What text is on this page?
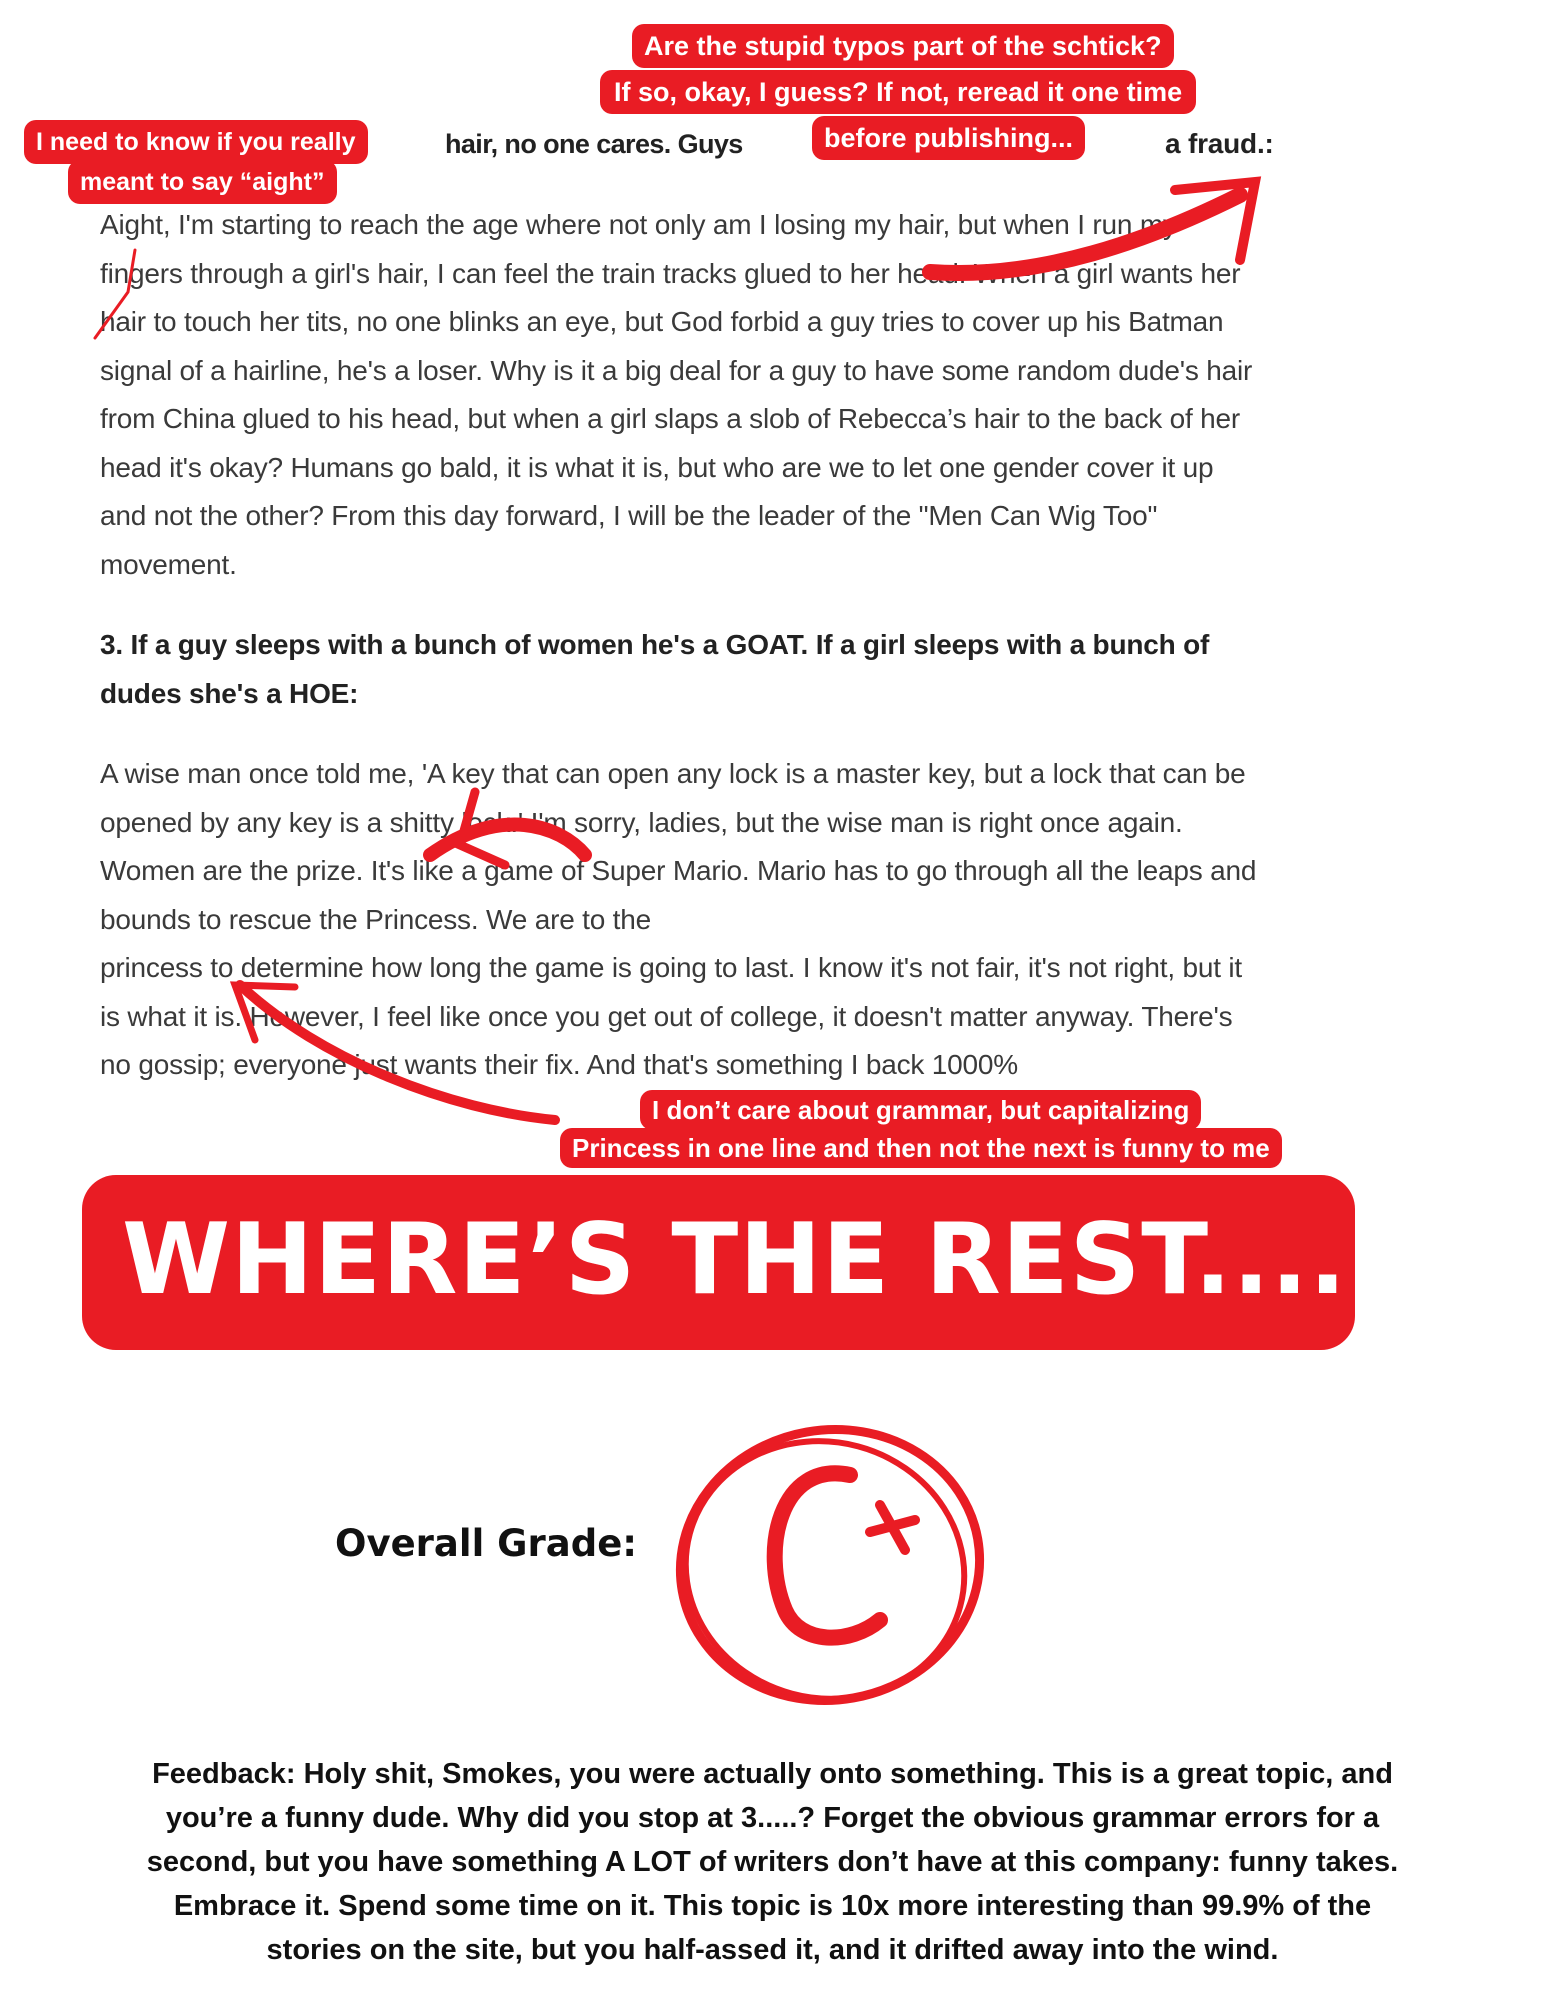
hair, no one cares. Guys	a fraud.:
Aight, I'm starting to reach the age where not only am I losing my hair, but when I run my
fingers through a girl's hair, I can feel the train tracks glued to her head. When a girl wants her
hair to touch her tits, no one blinks an eye, but God forbid a guy tries to cover up his Batman
signal of a hairline, he's a loser. Why is it a big deal for a guy to have some random dude's hair
from China glued to his head, but when a girl slaps a slob of Rebecca’s hair to the back of her
head it's okay? Humans go bald, it is what it is, but who are we to let one gender cover it up
and not the other? From this day forward, I will be the leader of the "Men Can Wig Too"
movement.
3. If a guy sleeps with a bunch of women he's a GOAT. If a girl sleeps with a bunch of
dudes she's a HOE:
A wise man once told me, 'A key that can open any lock is a master key, but a lock that can be
opened by any key is a shitty lock.' I'm sorry, ladies, but the wise man is right once again.
Women are the prize. It's like a game of Super Mario. Mario has to go through all the leaps and
bounds to rescue the Princess. We are to the
princess to determine how long the game is going to last. I know it's not fair, it's not right, but it
is what it is. However, I feel like once you get out of college, it doesn't matter anyway. There's
no gossip; everyone just wants their fix. And that's something I back 1000%
Are the stupid typos part of the schtick?
If so, okay, I guess? If not, reread it one time
before publishing...
I need to know if you really
meant to say “aight”
I don’t care about grammar, but capitalizing
Princess in one line and then not the next is funny to me
WHERE’S THE REST.......?
Overall Grade:
Feedback: Holy shit, Smokes, you were actually onto something. This is a great topic, and
you’re a funny dude. Why did you stop at 3.....? Forget the obvious grammar errors for a
second, but you have something A LOT of writers don’t have at this company: funny takes.
Embrace it. Spend some time on it. This topic is 10x more interesting than 99.9% of the
stories on the site, but you half-assed it, and it drifted away into the wind.
